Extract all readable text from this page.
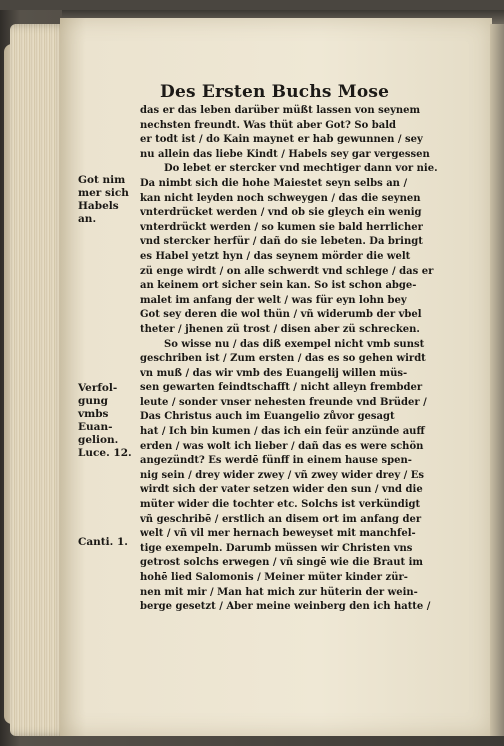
Des Ersten Buchs Mose
das er das leben darüber müßt lassen von seynem
nechsten freundt. Was thüt aber Got? So bald
er todt ist / do Kain maynet er hab gewunnen / sey
nu allein das liebe Kindt / Habels sey gar vergessen
Do lebet er stercker vnd mechtiger dann vor nie.
Da nimbt sich die hohe Maiestet seyn selbs an /
kan nicht leyden noch schweygen / das die seynen
vnterdrücket werden / vnd ob sie gleych ein wenig
vnterdrückt werden / so kumen sie bald herrlicher
vnd stercker herfür / dañ do sie lebeten. Da bringt
es Habel yetzt hyn / das seynem mörder die welt
zü enge wirdt / on alle schwerdt vnd schlege / das er
an keinem ort sicher sein kan. So ist schon abge-
malet im anfang der welt / was für eyn lohn bey
Got sey deren die wol thün / vñ widerumb der vbel
theter / jhenen zü trost / disen aber zü schrecken.
So wisse nu / das diß exempel nicht vmb sunst
geschriben ist / Zum ersten / das es so gehen wirdt
vn muß / das wir vmb des Euangelij willen müs-
sen gewarten feindtschafft / nicht alleyn frembder
leute / sonder vnser nehesten freunde vnd Brüder /
Das Christus auch im Euangelio zůvor gesagt
hat / Ich bin kumen / das ich ein feür anzünde auff
erden / was wolt ich lieber / dañ das es were schön
angezündt? Es werdē fünff in einem hause spen-
nig sein / drey wider zwey / vñ zwey wider drey / Es
wirdt sich der vater setzen wider den sun / vnd die
müter wider die tochter etc. Solchs ist verkündigt
vñ geschribē / erstlich an disem ort im anfang der
welt / vñ vil mer hernach beweyset mit manchfel-
tige exempeln. Darumb müssen wir Christen vns
getrost solchs erwegen / vñ singē wie die Braut im
hohē lied Salomonis / Meiner müter kinder zür-
nen mit mir / Man hat mich zur hüterin der wein-
berge gesetzt / Aber meine weinberg den ich hatte /
Got nim
mer sich
Habels
an.
Verfol-
gung
vmbs
Euan-
gelion.
Luce. 12.
Canti. 1.
